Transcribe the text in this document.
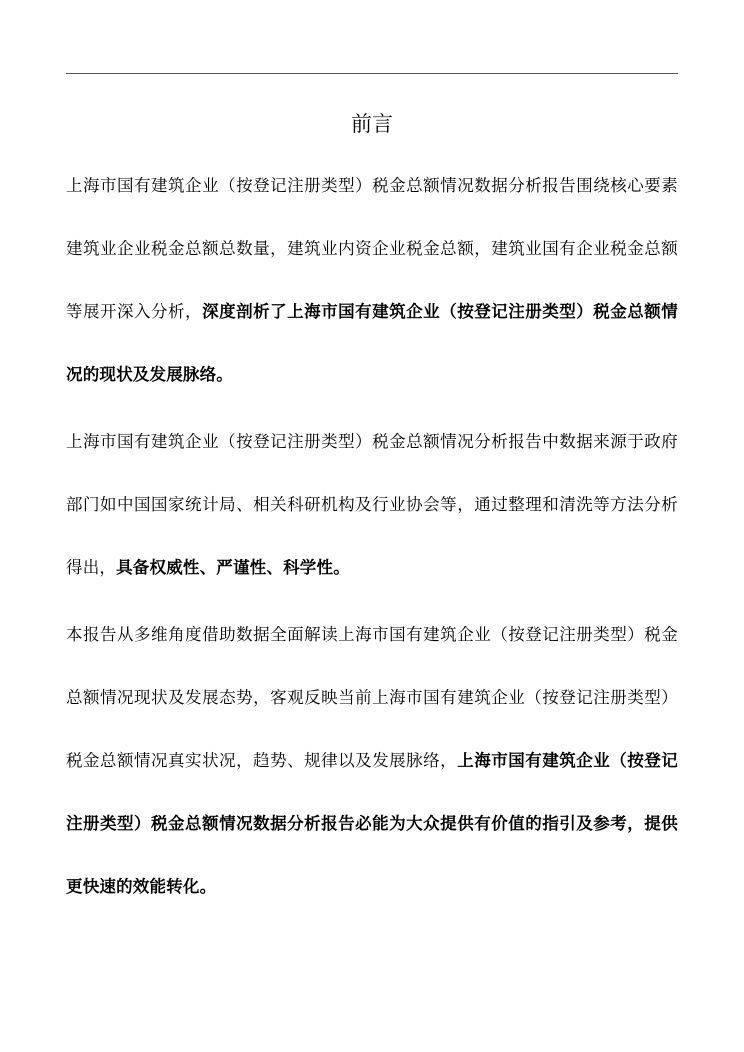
前言

上海市国有建筑企业（按登记注册类型）税金总额情况数据分析报告围绕核心要素建筑业企业税金总额总数量，建筑业内资企业税金总额，建筑业国有企业税金总额等展开深入分析，深度剖析了上海市国有建筑企业（按登记注册类型）税金总额情况的现状及发展脉络。

上海市国有建筑企业（按登记注册类型）税金总额情况分析报告中数据来源于政府部门如中国国家统计局、相关科研机构及行业协会等，通过整理和清洗等方法分析得出，具备权威性、严谨性、科学性。

本报告从多维角度借助数据全面解读上海市国有建筑企业（按登记注册类型）税金总额情况现状及发展态势，客观反映当前上海市国有建筑企业（按登记注册类型）税金总额情况真实状况，趋势、规律以及发展脉络，上海市国有建筑企业（按登记注册类型）税金总额情况数据分析报告必能为大众提供有价值的指引及参考，提供更快速的效能转化。
